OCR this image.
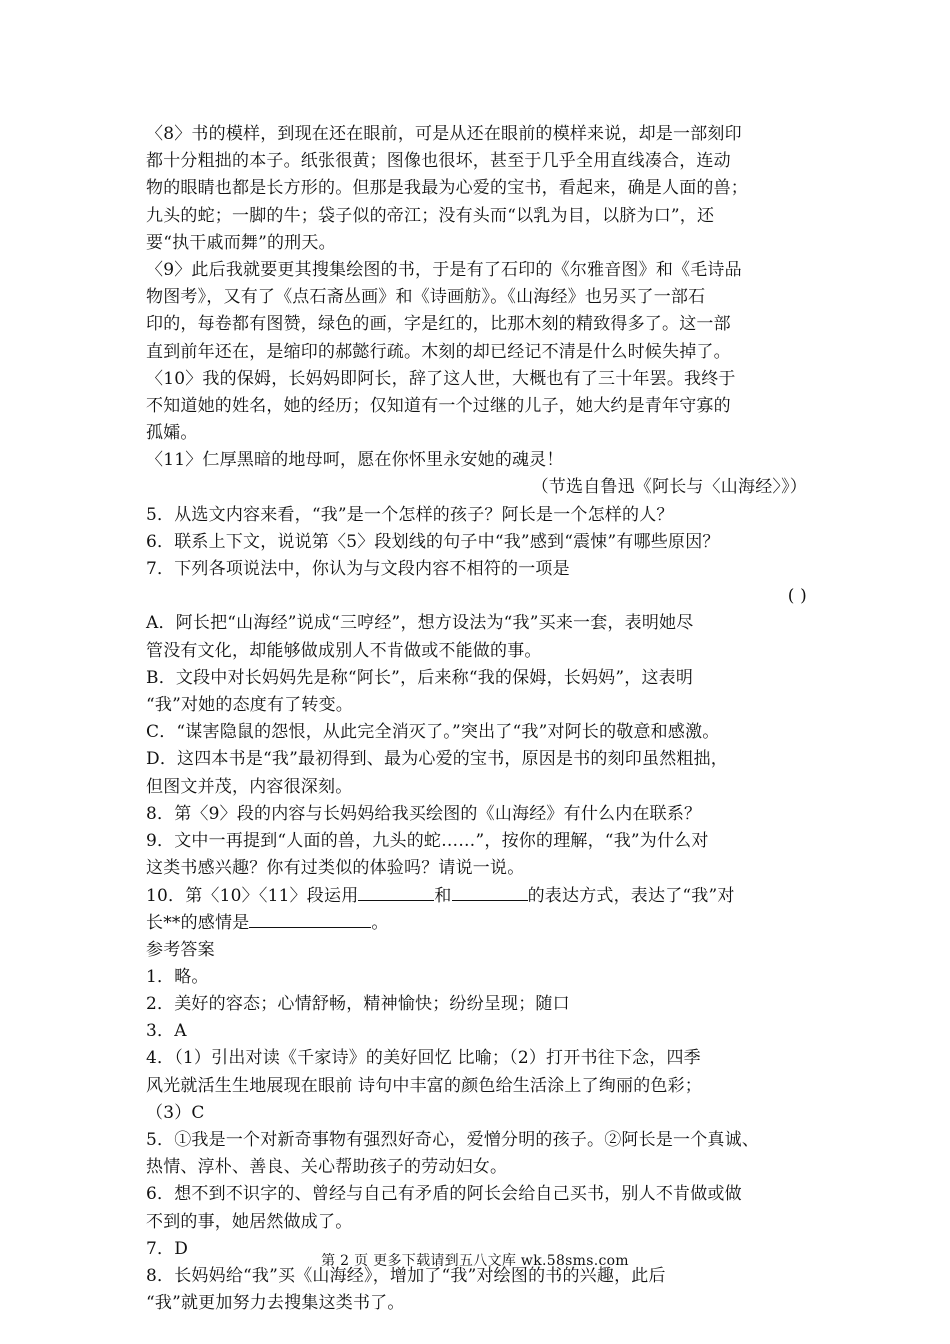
〈8〉书的模样，到现在还在眼前，可是从还在眼前的模样来说，却是一部刻印
都十分粗拙的本子。纸张很黄；图像也很坏，甚至于几乎全用直线凑合，连动
物的眼睛也都是长方形的。但那是我最为心爱的宝书，看起来，确是人面的兽；
九头的蛇；一脚的牛；袋子似的帝江；没有头而“以乳为目，以脐为口”，还
要“执干戚而舞”的刑天。
〈9〉此后我就要更其搜集绘图的书，于是有了石印的《尔雅音图》和《毛诗品
物图考》，又有了《点石斋丛画》和《诗画舫》。《山海经》也另买了一部石
印的，每卷都有图赞，绿色的画，字是红的，比那木刻的精致得多了。这一部
直到前年还在，是缩印的郝懿行疏。木刻的却已经记不清是什么时候失掉了。
〈10〉我的保姆，长妈妈即阿长，辞了这人世，大概也有了三十年罢。我终于
不知道她的姓名，她的经历；仅知道有一个过继的儿子，她大约是青年守寡的
孤孀。
〈11〉仁厚黑暗的地母呵，愿在你怀里永安她的魂灵！
（节选自鲁迅《阿长与〈山海经〉》）
5．从选文内容来看，“我”是一个怎样的孩子？阿长是一个怎样的人？
6．联系上下文，说说第〈5〉段划线的句子中“我”感到“震悚”有哪些原因？
7．下列各项说法中，你认为与文段内容不相符的一项是
( )
A．阿长把“山海经”说成“三哼经”，想方设法为“我”买来一套，表明她尽
管没有文化，却能够做成别人不肯做或不能做的事。
B．文段中对长妈妈先是称“阿长”，后来称“我的保姆，长妈妈”，这表明
“我”对她的态度有了转变。
C．“谋害隐鼠的怨恨，从此完全消灭了。”突出了“我”对阿长的敬意和感激。
D．这四本书是“我”最初得到、最为心爱的宝书，原因是书的刻印虽然粗拙，
但图文并茂，内容很深刻。
8．第〈9〉段的内容与长妈妈给我买绘图的《山海经》有什么内在联系？
9．文中一再提到“人面的兽，九头的蛇……”，按你的理解，“我”为什么对
这类书感兴趣？你有过类似的体验吗？请说一说。
10．第〈10〉〈11〉段运用	和	的表达方式，表达了“我”对
长**的感情是	。
参考答案
1．略。
2．美好的容态；心情舒畅，精神愉快；纷纷呈现；随口
3．A
4．（1）引出对读《千家诗》的美好回忆 比喻；（2）打开书往下念，四季
风光就活生生地展现在眼前 诗句中丰富的颜色给生活涂上了绚丽的色彩；
（3）C
5．①我是一个对新奇事物有强烈好奇心，爱憎分明的孩子。②阿长是一个真诚、
热情、淳朴、善良、关心帮助孩子的劳动妇女。
6．想不到不识字的、曾经与自己有矛盾的阿长会给自己买书，别人不肯做或做
不到的事，她居然做成了。
7．D
8．长妈妈给“我”买《山海经》，增加了“我”对绘图的书的兴趣，此后
“我”就更加努力去搜集这类书了。
第 2 页 更多下载请到五八文库 wk.58sms.com
